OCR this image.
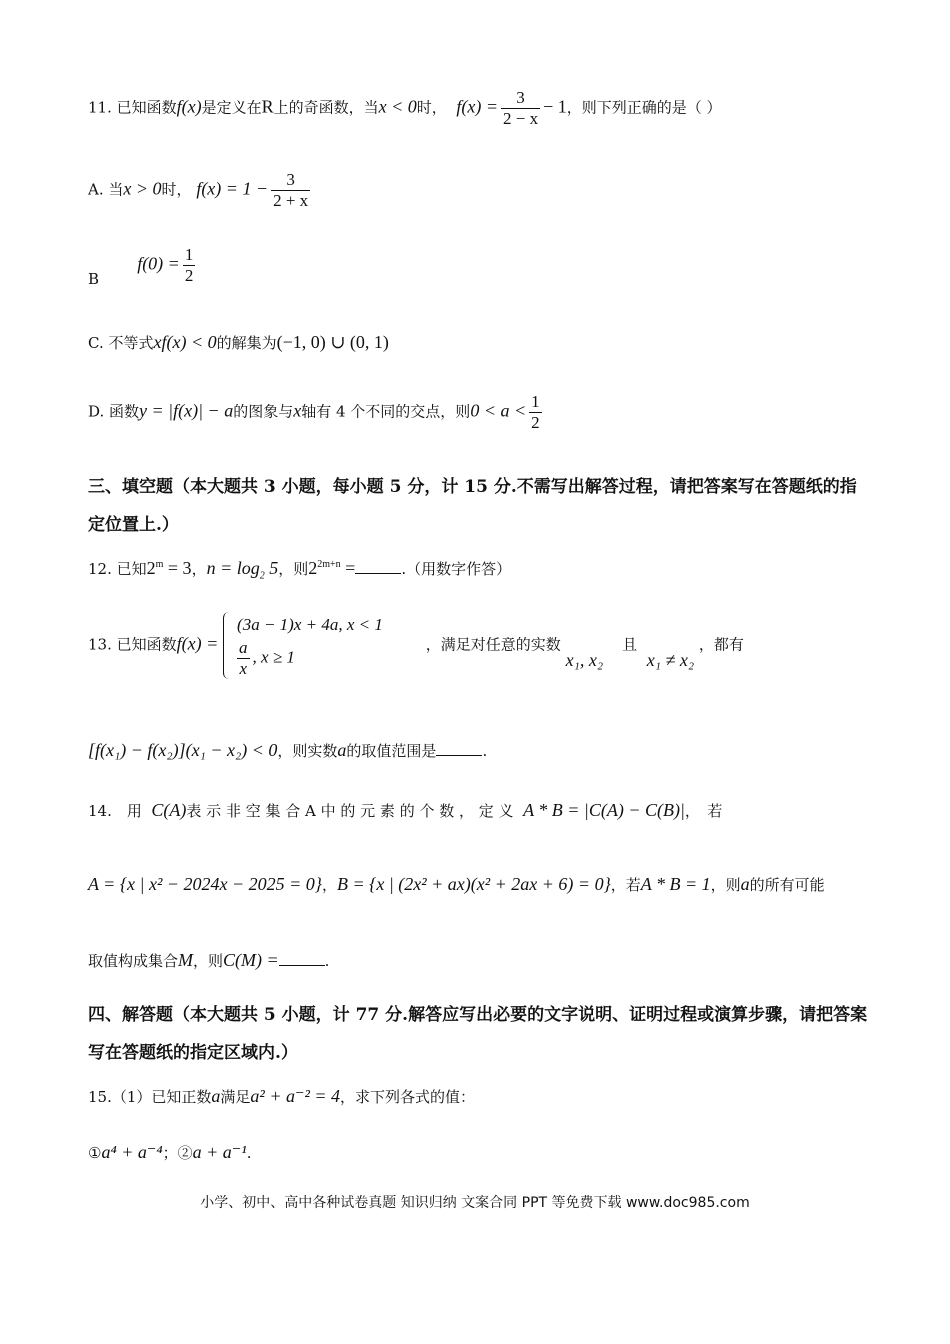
11. 已知函数f(x)是定义在R上的奇函数，当x < 0时， $f(x) = \frac{3}{2 - x} - 1$，则下列正确的是（ ）
A. 当x > 0时， $f(x) = 1 - \frac{3}{2 + x}$
B        $f(0) = \frac{1}{2}$
C. 不等式xf(x) < 0的解集为(−1, 0) ∪ (0, 1)
D. 函数y = |f(x)| − a的图象与x轴有 4 个不同的交点，则$0 < a < \frac{1}{2}$
三、填空题（本大题共 3 小题，每小题 5 分，计 15 分.不需写出解答过程，请把答案写在答题纸的指定位置上.）
12. 已知$2^m = 3$，$n = \log_2 5$，则$2^{2m+n}$ =	.（用数字作答）
13. 已知函数f(x) =
(3a − 1)x + 4a, x < 1
$\frac{a}{x}$ , x ≥ 1
，满足对任意的实数 x₁, x₂    且  x₁ ≠ x₂ ，都有
[f(x₁) − f(x₂)](x₁ − x₂) < 0，则实数a的取值范围是	.
14.　用 C(A)表 示 非 空 集 合 A 中 的 元 素 的 个 数 ， 定 义 A * B = |C(A) − C(B)|，　若
A = {x | x² − 2024x − 2025 = 0}，B = {x | (2x² + ax)(x² + 2ax + 6) = 0}，若A * B = 1，则a的所有可能
取值构成集合M，则C(M) =	.
四、解答题（本大题共 5 小题，计 77 分.解答应写出必要的文字说明、证明过程或演算步骤，请把答案写在答题纸的指定区域内.）
15.（1）已知正数a满足a² + a⁻² = 4，求下列各式的值：
①a⁴ + a⁻⁴；②a + a⁻¹.
小学、初中、高中各种试卷真题 知识归纳 文案合同 PPT 等免费下载 www.doc985.com
